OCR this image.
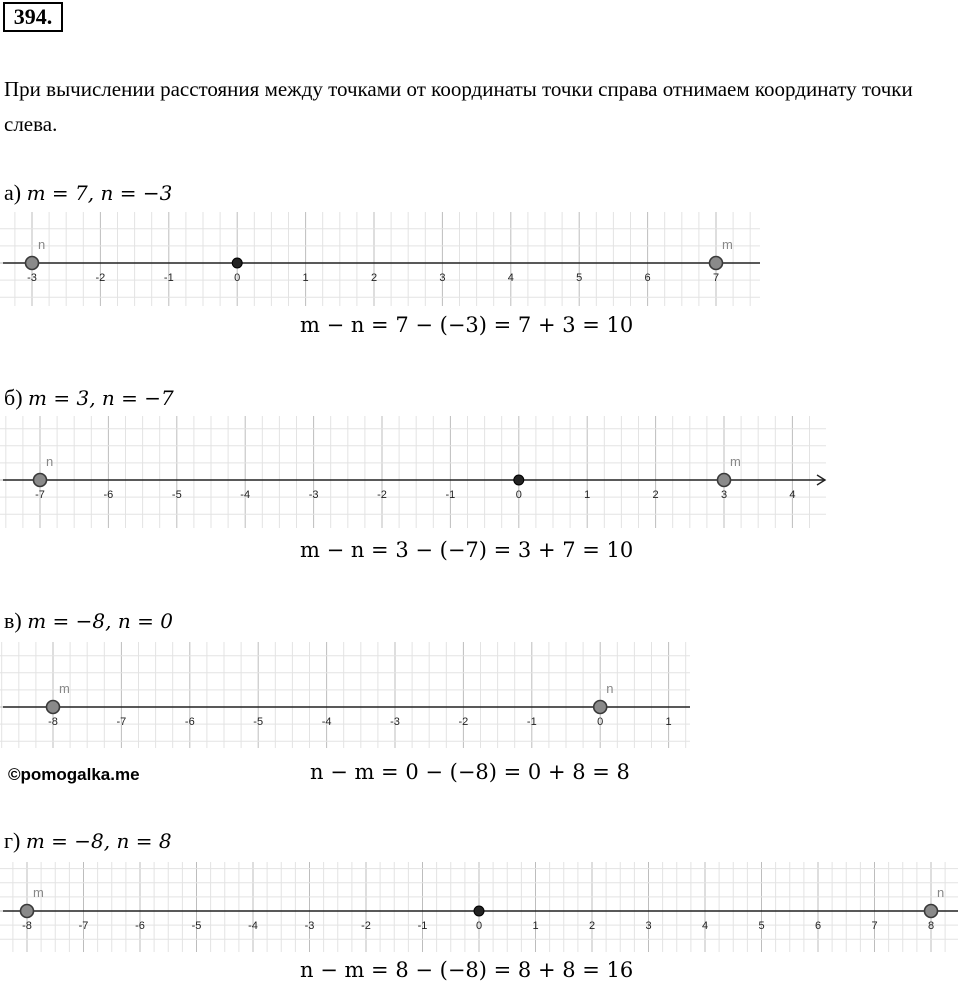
394.
При вычислении расстояния между точками от координаты точки справа отнимаем координату точки слева.
а) m = 7, n = −3
-3	-2	-1	0	1	2	3	4	5	6	7
n	m
m − n = 7 − (−3) = 7 + 3 = 10
б) m = 3, n = −7
-7	-6	-5	-4	-3	-2	-1	0	1	2	3	4
n	m
m − n = 3 − (−7) = 3 + 7 = 10
в) m = −8, n = 0
-8	-7	-6	-5	-4	-3	-2	-1	0	1
m	n
n − m = 0 − (−8) = 0 + 8 = 8
©pomogalka.me
г) m = −8, n = 8
-8	-7	-6	-5	-4	-3	-2	-1	0	1	2	3	4	5	6	7	8
m	n
n − m = 8 − (−8) = 8 + 8 = 16
